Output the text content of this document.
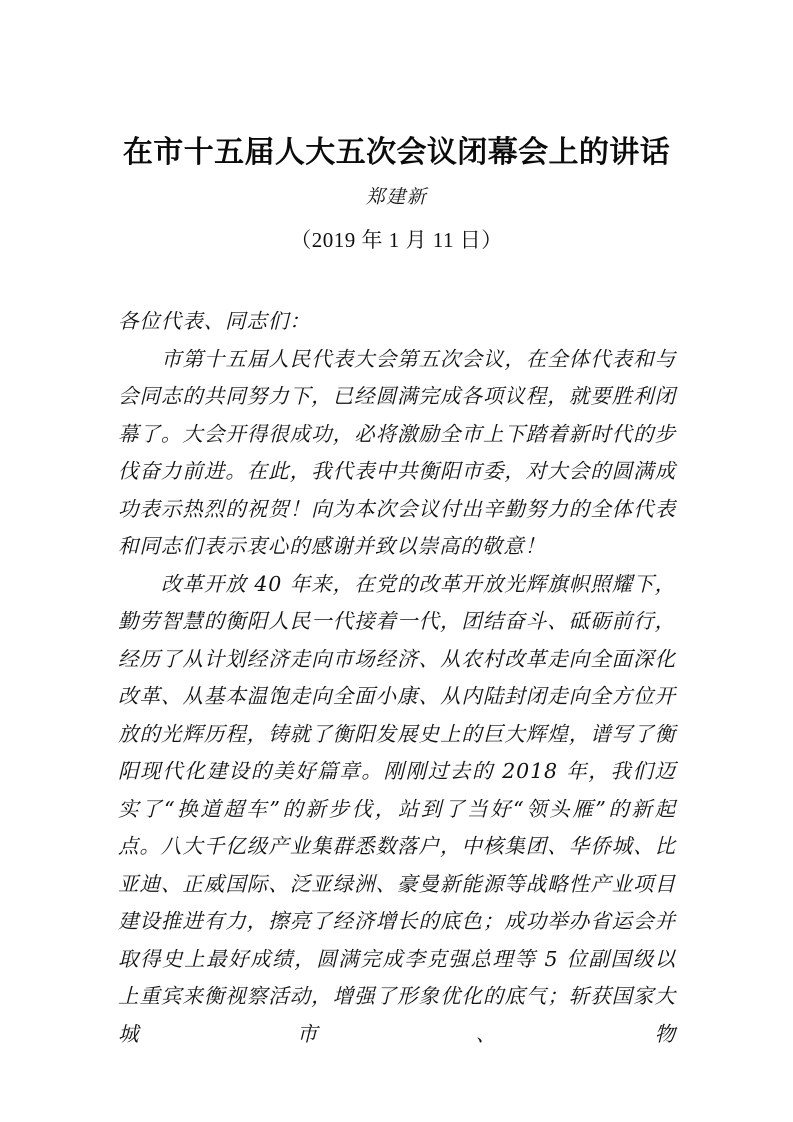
在市十五届人大五次会议闭幕会上的讲话
郑建新
（2019 年 1 月 11 日）

各位代表、同志们：

市第十五届人民代表大会第五次会议，在全体代表和与会同志的共同努力下，已经圆满完成各项议程，就要胜利闭幕了。大会开得很成功，必将激励全市上下踏着新时代的步伐奋力前进。在此，我代表中共衡阳市委，对大会的圆满成功表示热烈的祝贺！向为本次会议付出辛勤努力的全体代表和同志们表示衷心的感谢并致以崇高的敬意！

改革开放 40 年来，在党的改革开放光辉旗帜照耀下，勤劳智慧的衡阳人民一代接着一代，团结奋斗、砥砺前行，经历了从计划经济走向市场经济、从农村改革走向全面深化改革、从基本温饱走向全面小康、从内陆封闭走向全方位开放的光辉历程，铸就了衡阳发展史上的巨大辉煌，谱写了衡阳现代化建设的美好篇章。刚刚过去的 2018 年，我们迈实了“换道超车”的新步伐，站到了当好“领头雁”的新起点。八大千亿级产业集群悉数落户，中核集团、华侨城、比亚迪、正威国际、泛亚绿洲、豪曼新能源等战略性产业项目建设推进有力，擦亮了经济增长的底色；成功举办省运会并取得史上最好成绩，圆满完成李克强总理等 5 位副国级以上重宾来衡视察活动，增强了形象优化的底气；斩获国家大城市、物
